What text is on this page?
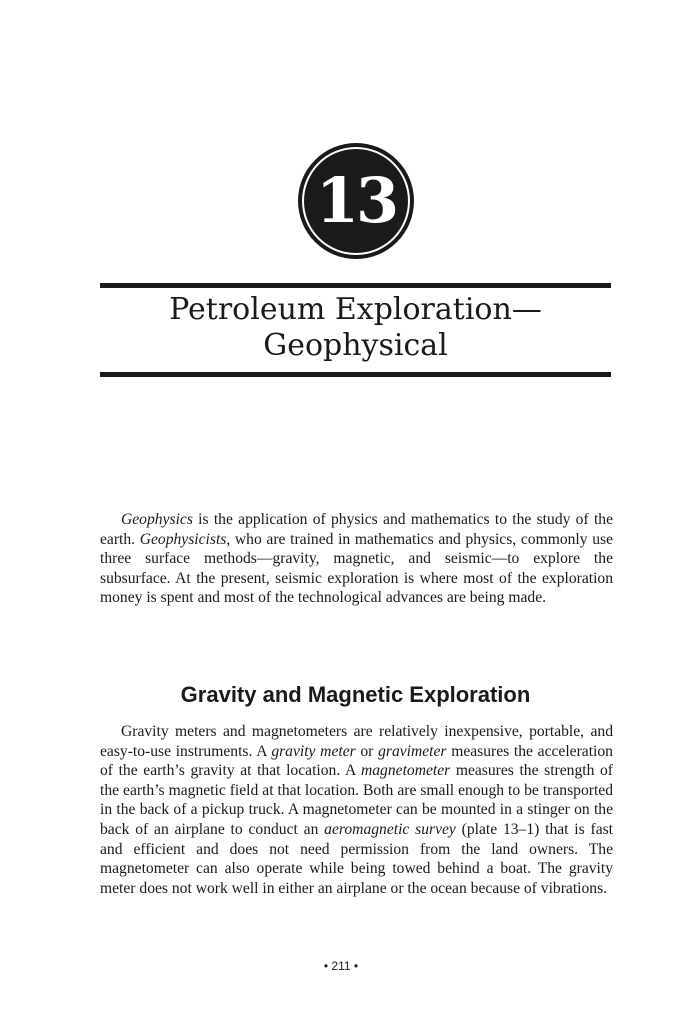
13
Petroleum Exploration—
Geophysical

Geophysics is the application of physics and mathematics to the study of the earth. Geophysicists, who are trained in mathematics and physics, commonly use three surface methods—gravity, magnetic, and seismic—to explore the subsurface. At the present, seismic exploration is where most of the exploration money is spent and most of the technological advances are being made.

Gravity and Magnetic Exploration

Gravity meters and magnetometers are relatively inexpensive, portable, and easy-to-use instruments. A gravity meter or gravimeter measures the acceleration of the earth’s gravity at that location. A magnetometer measures the strength of the earth’s magnetic field at that location. Both are small enough to be transported in the back of a pickup truck. A magnetometer can be mounted in a stinger on the back of an airplane to conduct an aeromagnetic survey (plate 13–1) that is fast and efficient and does not need permission from the land owners. The magnetometer can also operate while being towed behind a boat. The gravity meter does not work well in either an airplane or the ocean because of vibrations.

• 211 •
